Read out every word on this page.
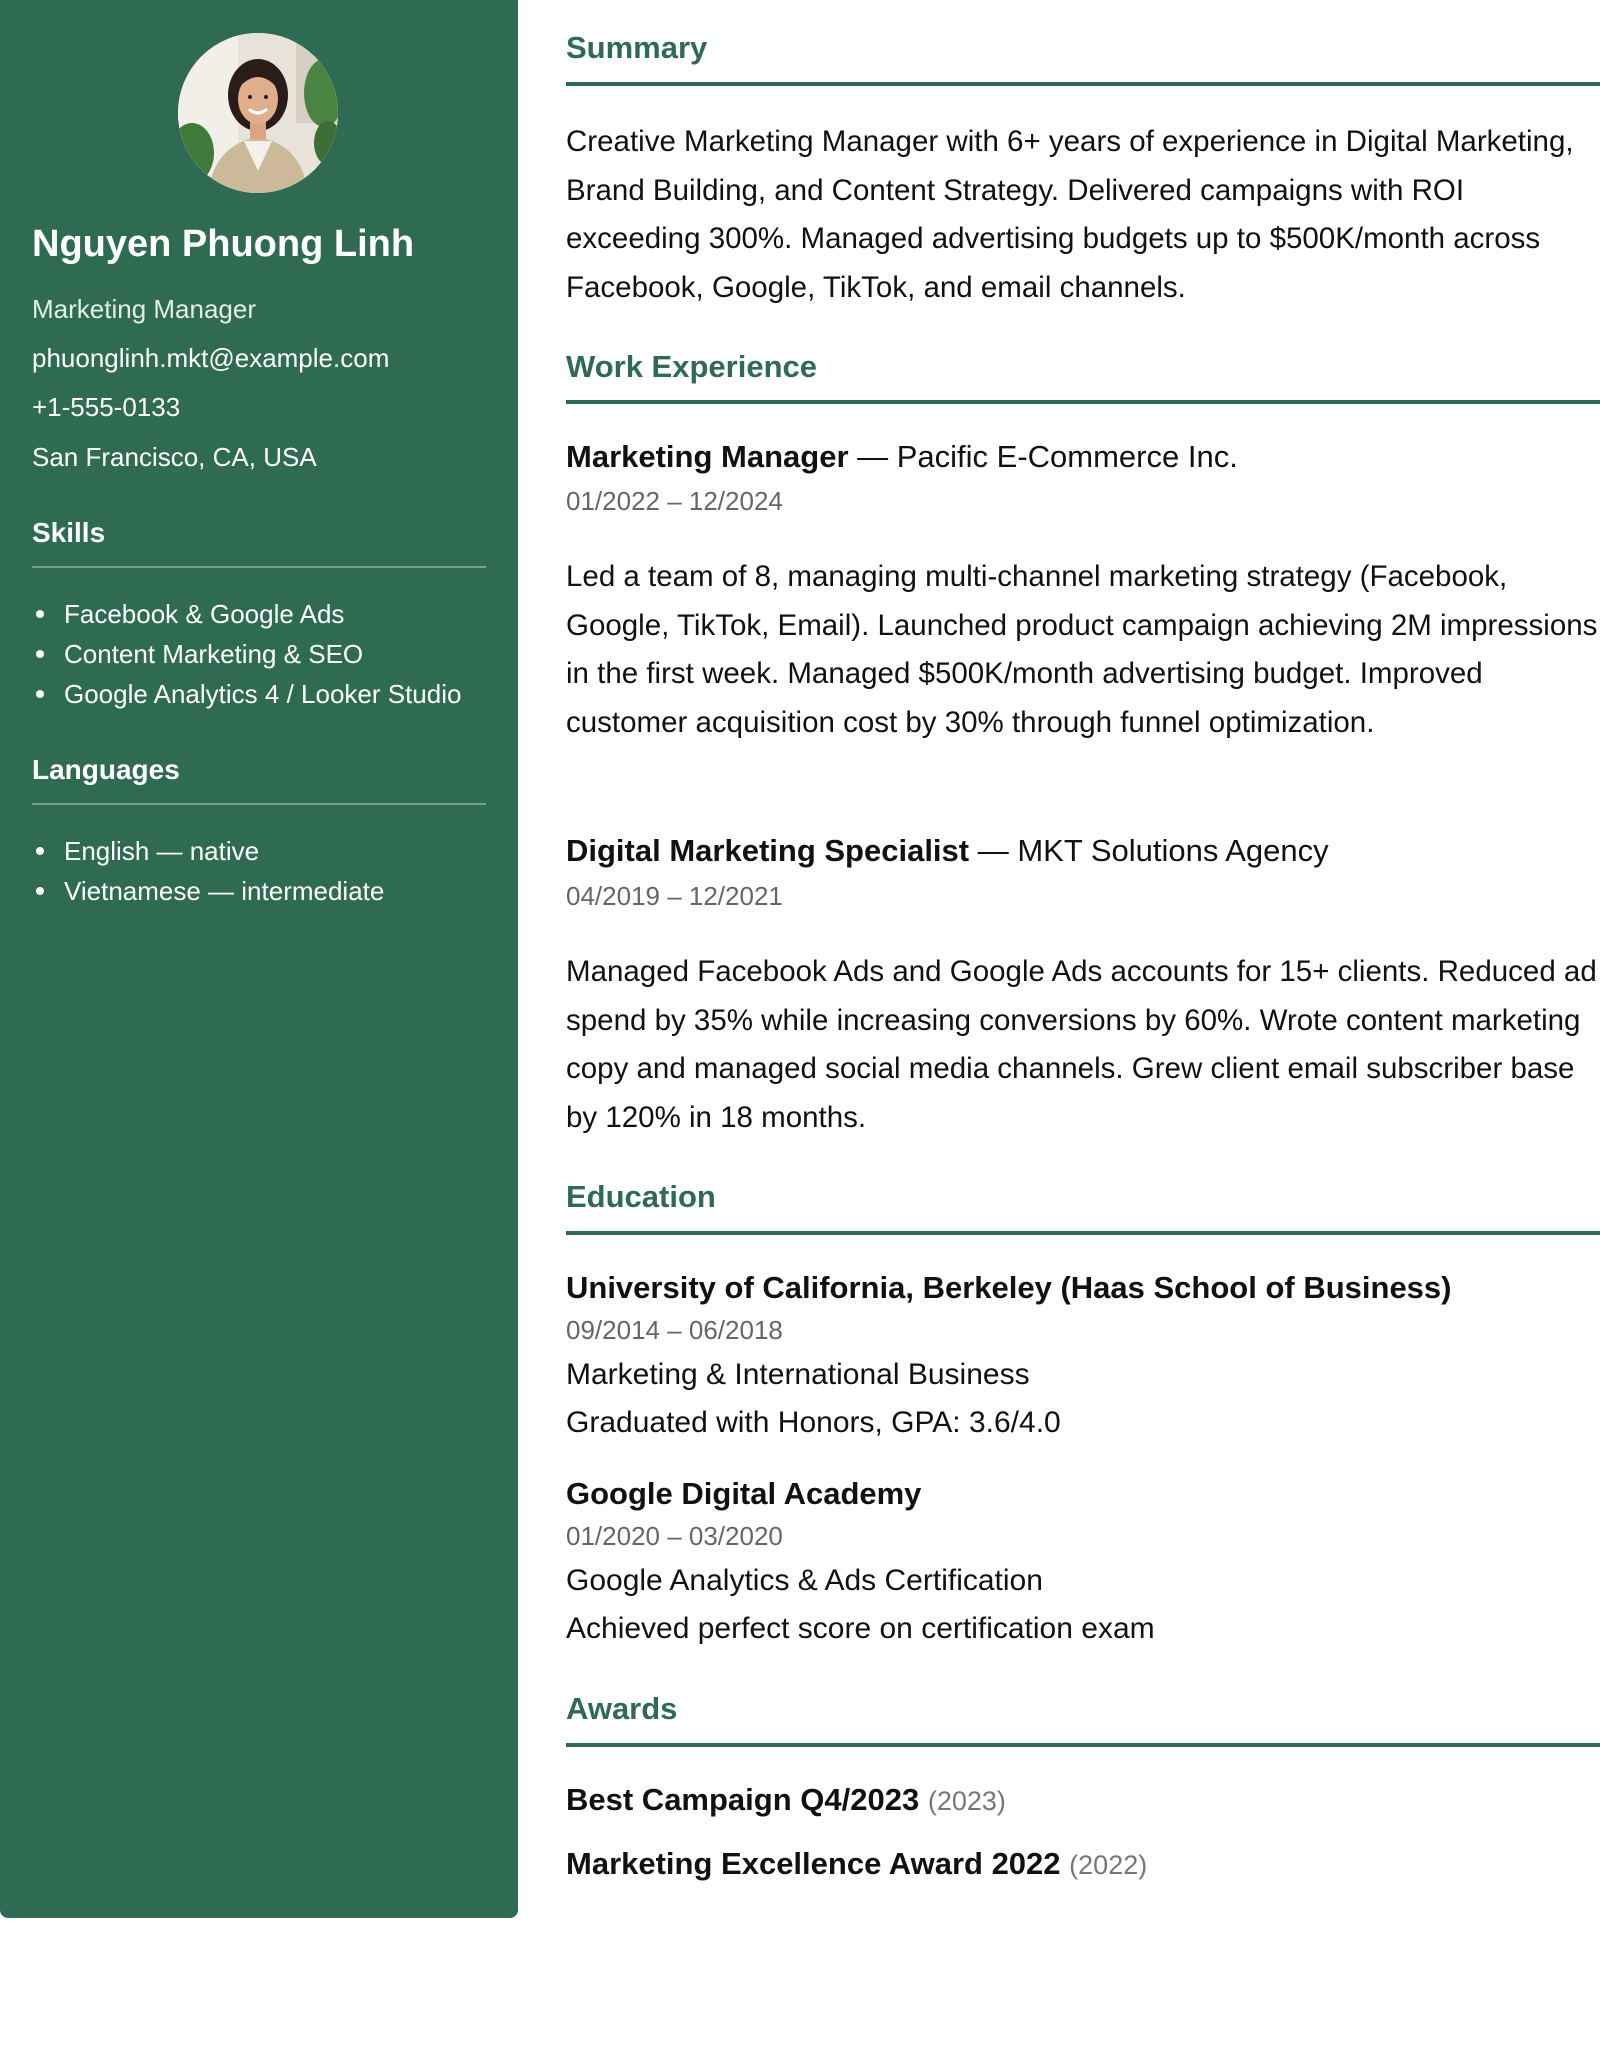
Nguyen Phuong Linh
Marketing Manager
phuonglinh.mkt@example.com
+1-555-0133
San Francisco, CA, USA
Skills
Facebook & Google Ads
Content Marketing & SEO
Google Analytics 4 / Looker Studio
Languages
English — native
Vietnamese — intermediate
Summary
Creative Marketing Manager with 6+ years of experience in Digital Marketing, Brand Building, and Content Strategy. Delivered campaigns with ROI exceeding 300%. Managed advertising budgets up to $500K/month across Facebook, Google, TikTok, and email channels.
Work Experience
Marketing Manager — Pacific E-Commerce Inc.
01/2022 – 12/2024
Led a team of 8, managing multi-channel marketing strategy (Facebook, Google, TikTok, Email). Launched product campaign achieving 2M impressions in the first week. Managed $500K/month advertising budget. Improved customer acquisition cost by 30% through funnel optimization.
Digital Marketing Specialist — MKT Solutions Agency
04/2019 – 12/2021
Managed Facebook Ads and Google Ads accounts for 15+ clients. Reduced ad spend by 35% while increasing conversions by 60%. Wrote content marketing copy and managed social media channels. Grew client email subscriber base by 120% in 18 months.
Education
University of California, Berkeley (Haas School of Business)
09/2014 – 06/2018
Marketing & International Business
Graduated with Honors, GPA: 3.6/4.0
Google Digital Academy
01/2020 – 03/2020
Google Analytics & Ads Certification
Achieved perfect score on certification exam
Awards
Best Campaign Q4/2023 (2023)
Marketing Excellence Award 2022 (2022)
